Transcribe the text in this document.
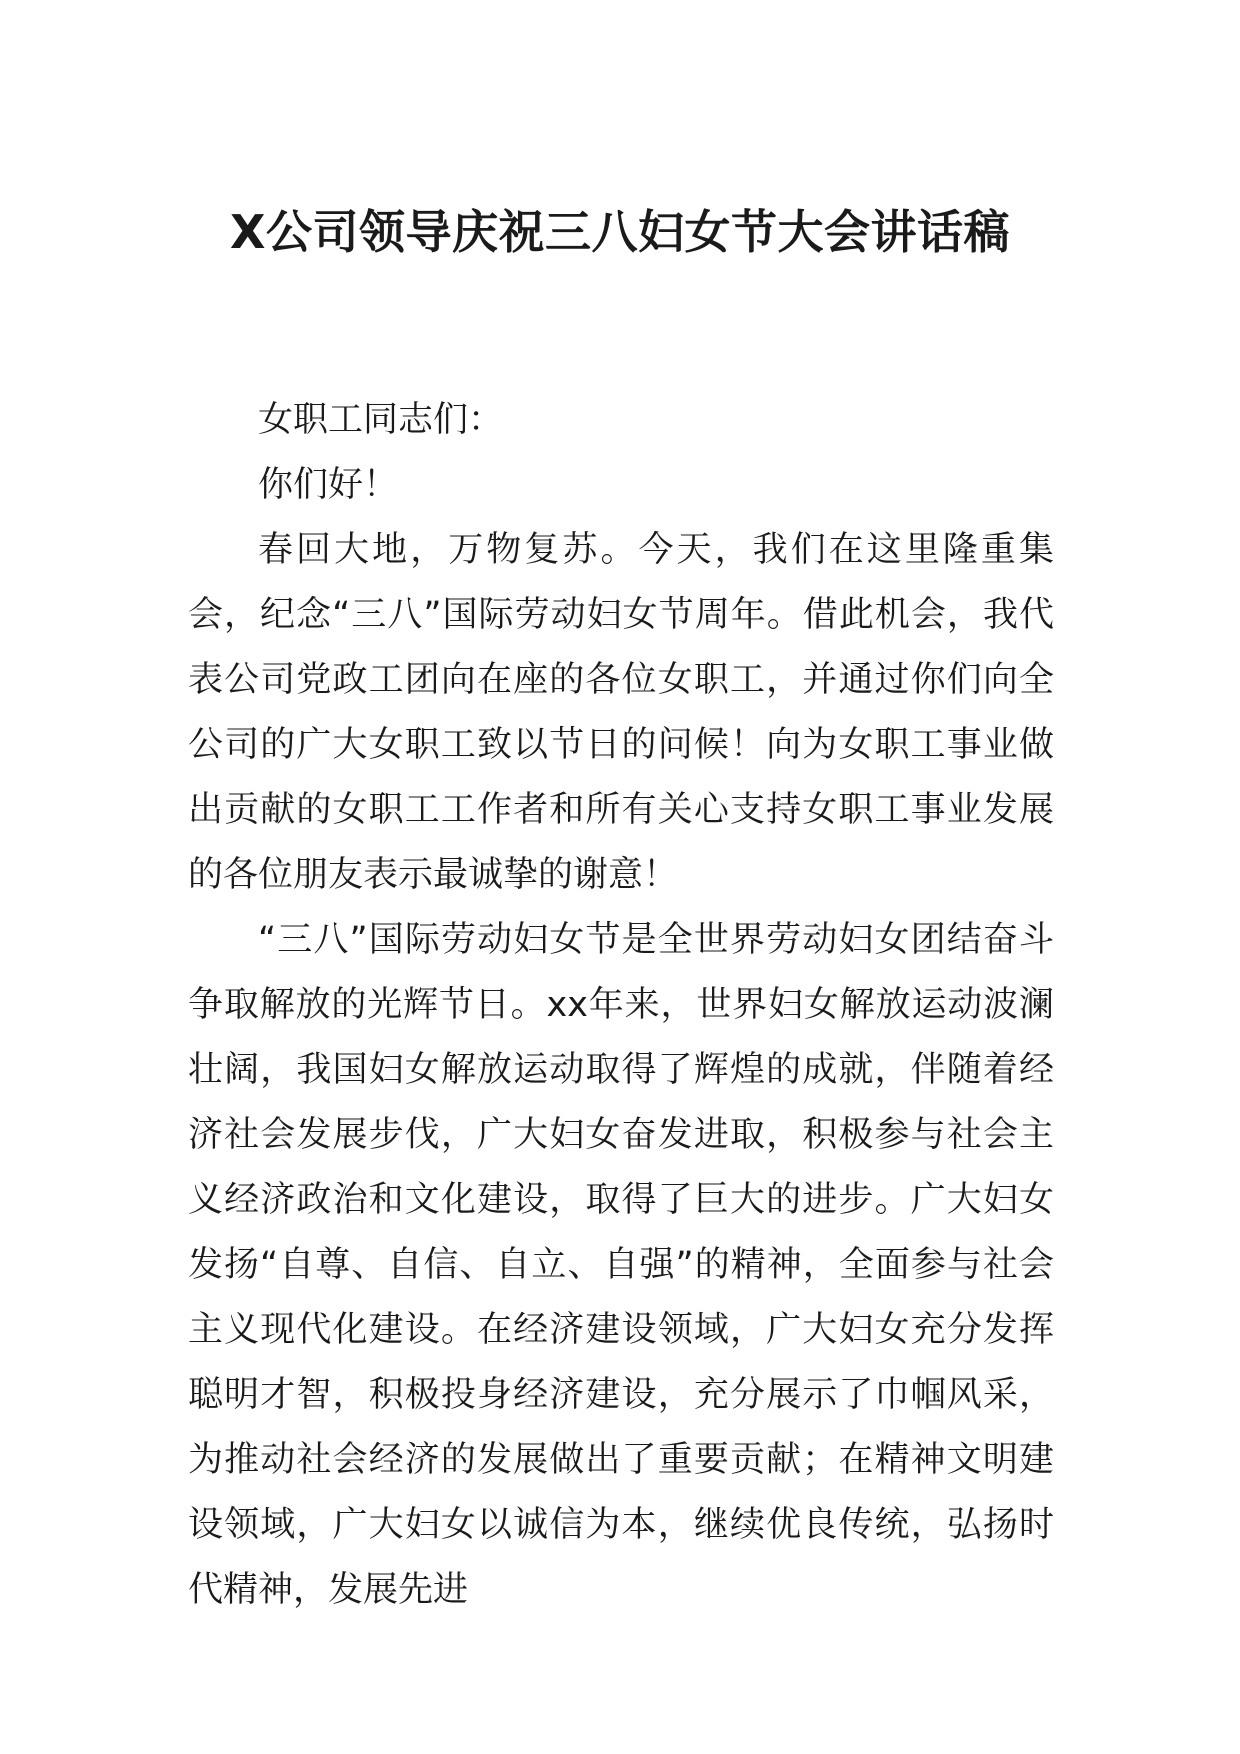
X公司领导庆祝三八妇女节大会讲话稿

女职工同志们：

你们好！

春回大地，万物复苏。今天，我们在这里隆重集会，纪念“三八”国际劳动妇女节周年。借此机会，我代表公司党政工团向在座的各位女职工，并通过你们向全公司的广大女职工致以节日的问候！向为女职工事业做出贡献的女职工工作者和所有关心支持女职工事业发展的各位朋友表示最诚挚的谢意！

“三八”国际劳动妇女节是全世界劳动妇女团结奋斗争取解放的光辉节日。xx年来，世界妇女解放运动波澜壮阔，我国妇女解放运动取得了辉煌的成就，伴随着经济社会发展步伐，广大妇女奋发进取，积极参与社会主义经济政治和文化建设，取得了巨大的进步。广大妇女发扬“自尊、自信、自立、自强”的精神，全面参与社会主义现代化建设。在经济建设领域，广大妇女充分发挥聪明才智，积极投身经济建设，充分展示了巾帼风采，为推动社会经济的发展做出了重要贡献；在精神文明建设领域，广大妇女以诚信为本，继续优良传统，弘扬时代精神，发展先进
